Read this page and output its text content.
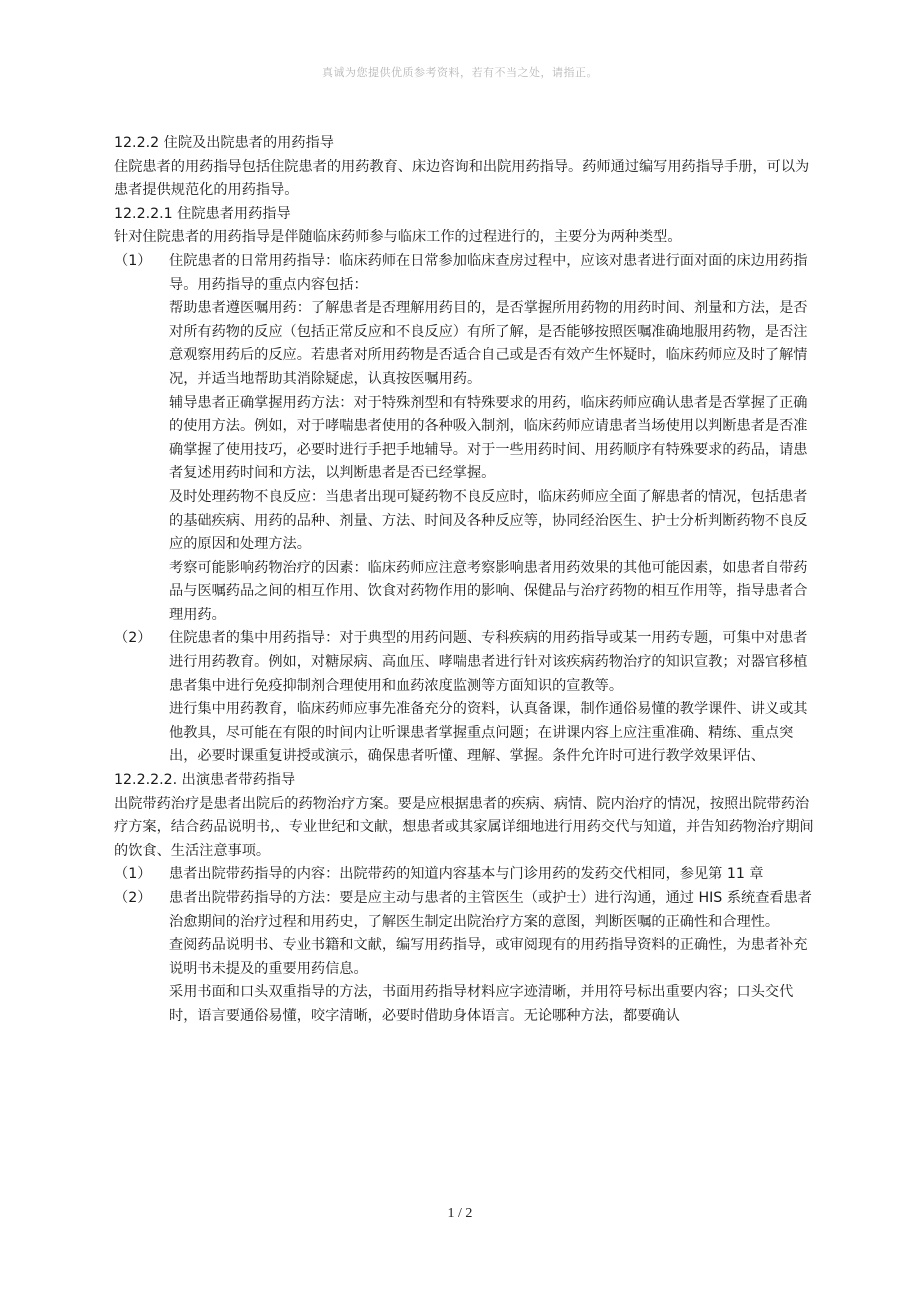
真诚为您提供优质参考资料，若有不当之处，请指正。

12.2.2 住院及出院患者的用药指导

住院患者的用药指导包括住院患者的用药教育、床边咨询和出院用药指导。药师通过编写用药指导手册，可以为患者提供规范化的用药指导。

12.2.2.1 住院患者用药指导

针对住院患者的用药指导是伴随临床药师参与临床工作的过程进行的，主要分为两种类型。

（1） 住院患者的日常用药指导：临床药师在日常参加临床查房过程中，应该对患者进行面对面的床边用药指导。用药指导的重点内容包括：

帮助患者遵医嘱用药：了解患者是否理解用药目的，是否掌握所用药物的用药时间、剂量和方法，是否对所有药物的反应（包括正常反应和不良反应）有所了解，是否能够按照医嘱准确地服用药物，是否注意观察用药后的反应。若患者对所用药物是否适合自己或是否有效产生怀疑时，临床药师应及时了解情况，并适当地帮助其消除疑虑，认真按医嘱用药。

辅导患者正确掌握用药方法：对于特殊剂型和有特殊要求的用药，临床药师应确认患者是否掌握了正确的使用方法。例如，对于哮喘患者使用的各种吸入制剂，临床药师应请患者当场使用以判断患者是否准确掌握了使用技巧，必要时进行手把手地辅导。对于一些用药时间、用药顺序有特殊要求的药品，请患者复述用药时间和方法，以判断患者是否已经掌握。

及时处理药物不良反应：当患者出现可疑药物不良反应时，临床药师应全面了解患者的情况，包括患者的基础疾病、用药的品种、剂量、方法、时间及各种反应等，协同经治医生、护士分析判断药物不良反应的原因和处理方法。

考察可能影响药物治疗的因素：临床药师应注意考察影响患者用药效果的其他可能因素，如患者自带药品与医嘱药品之间的相互作用、饮食对药物作用的影响、保健品与治疗药物的相互作用等，指导患者合理用药。

（2） 住院患者的集中用药指导：对于典型的用药问题、专科疾病的用药指导或某一用药专题，可集中对患者进行用药教育。例如，对糖尿病、高血压、哮喘患者进行针对该疾病药物治疗的知识宣教；对器官移植患者集中进行免疫抑制剂合理使用和血药浓度监测等方面知识的宣教等。

进行集中用药教育，临床药师应事先准备充分的资料，认真备课，制作通俗易懂的教学课件、讲义或其他教具，尽可能在有限的时间内让听课患者掌握重点问题；在讲课内容上应注重准确、精练、重点突出，必要时课重复讲授或演示，确保患者听懂、理解、掌握。条件允许时可进行教学效果评估、

12.2.2.2. 出演患者带药指导

出院带药治疗是患者出院后的药物治疗方案。要是应根据患者的疾病、病情、院内治疗的情况，按照出院带药治疗方案，结合药品说明书,、专业世纪和文献，想患者或其家属详细地进行用药交代与知道，并告知药物治疗期间的饮食、生活注意事项。

（1） 患者出院带药指导的内容：出院带药的知道内容基本与门诊用药的发药交代相同，参见第 11 章

（2） 患者出院带药指导的方法：要是应主动与患者的主管医生（或护士）进行沟通，通过 HIS 系统查看患者治愈期间的治疗过程和用药史，了解医生制定出院治疗方案的意图，判断医嘱的正确性和合理性。

查阅药品说明书、专业书籍和文献，编写用药指导，或审阅现有的用药指导资料的正确性，为患者补充说明书未提及的重要用药信息。

采用书面和口头双重指导的方法，书面用药指导材料应字迹清晰，并用符号标出重要内容；口头交代时，语言要通俗易懂，咬字清晰，必要时借助身体语言。无论哪种方法，都要确认

1 / 2
